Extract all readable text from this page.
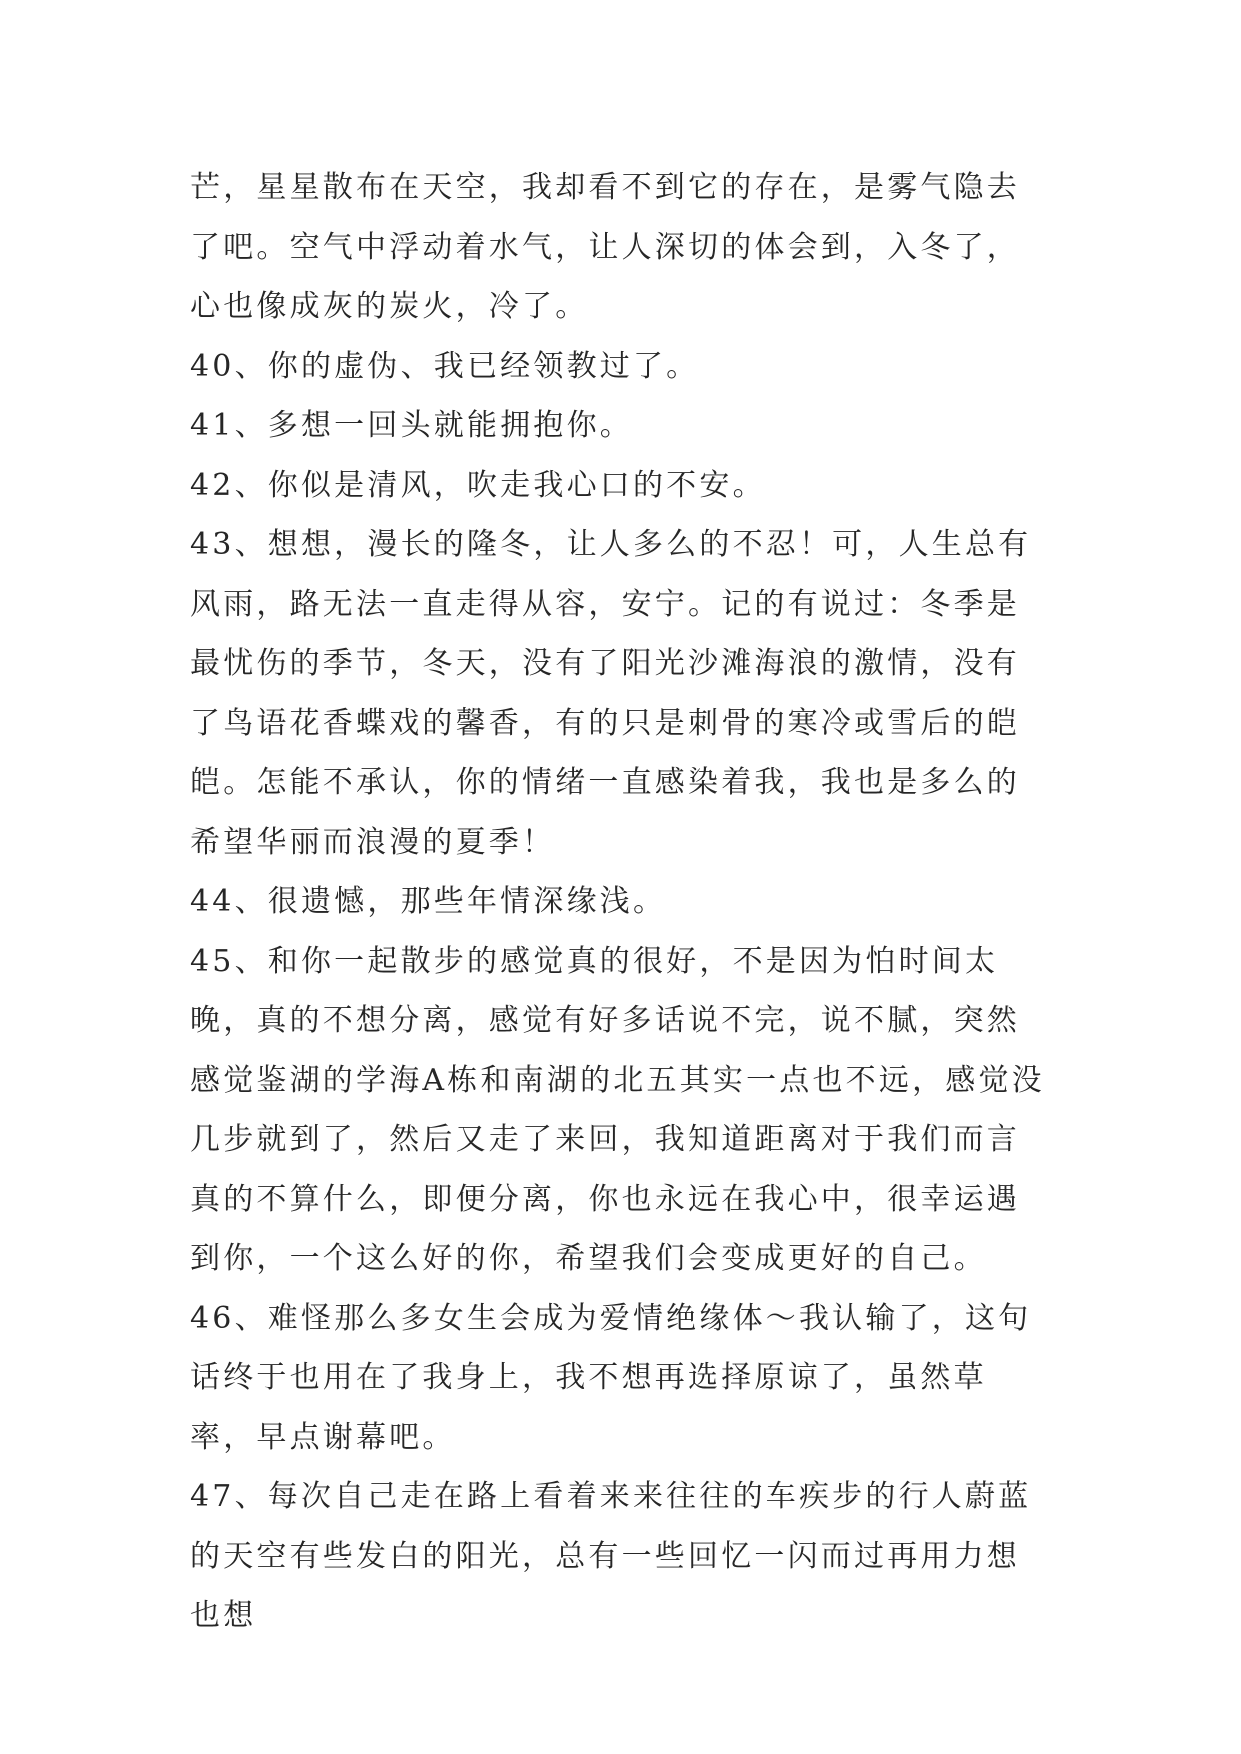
芒，星星散布在天空，我却看不到它的存在，是雾气隐去了吧。空气中浮动着水气，让人深切的体会到，入冬了，心也像成灰的炭火，冷了。

40、你的虚伪、我已经领教过了。

41、多想一回头就能拥抱你。

42、你似是清风，吹走我心口的不安。

43、想想，漫长的隆冬，让人多么的不忍！可，人生总有风雨，路无法一直走得从容，安宁。记的有说过：冬季是最忧伤的季节，冬天，没有了阳光沙滩海浪的激情，没有了鸟语花香蝶戏的馨香，有的只是刺骨的寒冷或雪后的皑皑。怎能不承认，你的情绪一直感染着我，我也是多么的希望华丽而浪漫的夏季！

44、很遗憾，那些年情深缘浅。

45、和你一起散步的感觉真的很好，不是因为怕时间太晚，真的不想分离，感觉有好多话说不完，说不腻，突然感觉鉴湖的学海A栋和南湖的北五其实一点也不远，感觉没几步就到了，然后又走了来回，我知道距离对于我们而言真的不算什么，即便分离，你也永远在我心中，很幸运遇到你，一个这么好的你，希望我们会变成更好的自己。

46、难怪那么多女生会成为爱情绝缘体～我认输了，这句话终于也用在了我身上，我不想再选择原谅了，虽然草率，早点谢幕吧。

47、每次自己走在路上看着来来往往的车疾步的行人蔚蓝的天空有些发白的阳光，总有一些回忆一闪而过再用力想也想
